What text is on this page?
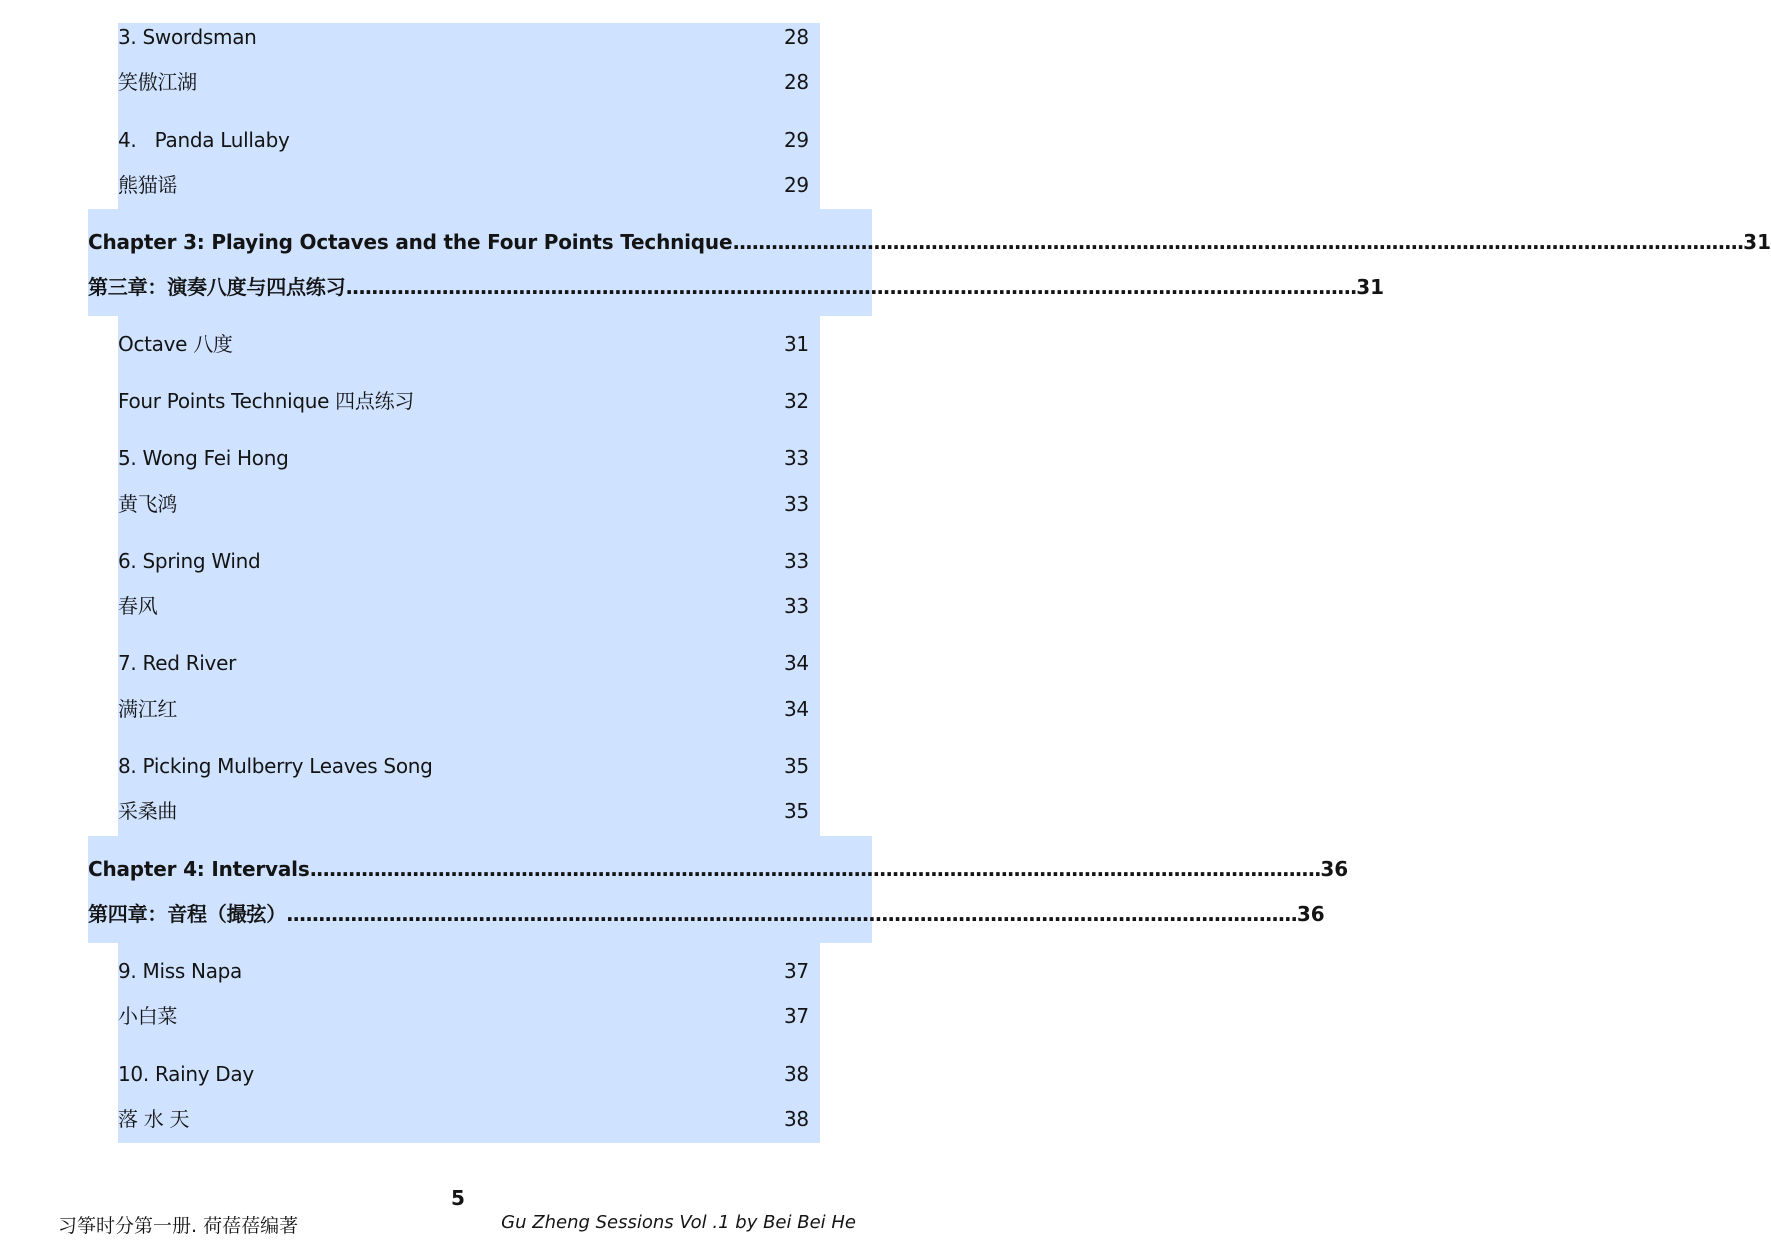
3. Swordsman	28
笑傲江湖	28
4.   Panda Lullaby	29
熊猫谣	29
Chapter 3: Playing Octaves and the Four Points Technique .............................................................................................................................................................. 31
第三章：演奏八度与四点练习 .............................................................................................................................................................. 31
Octave 八度	31
Four Points Technique 四点练习	32
5. Wong Fei Hong	33
黄飞鸿	33
6. Spring Wind	33
春风	33
7. Red River	34
满江红	34
8. Picking Mulberry Leaves Song	35
采桑曲	35
Chapter 4: Intervals .............................................................................................................................................................. 36
第四章：音程（撮弦） .............................................................................................................................................................. 36
9. Miss Napa	37
小白菜	37
10. Rainy Day	38
落 水 天	38
5
习筝时分第一册. 荷蓓蓓编著	Gu Zheng Sessions Vol .1 by Bei Bei He
